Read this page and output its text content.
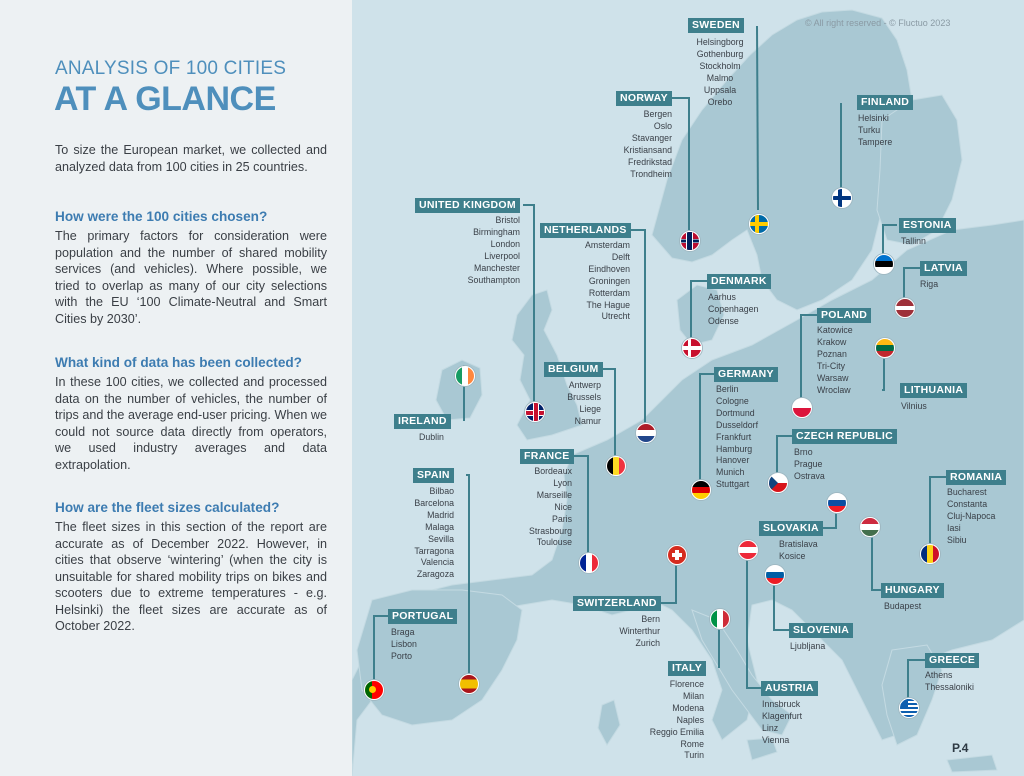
ANALYSIS OF 100 CITIES
AT A GLANCE
To size the European market, we collected and analyzed data from 100 cities in 25 countries.
How were the 100 cities chosen?
The primary factors for consideration were population and the number of shared mobility services (and vehicles). Where possible, we tried to overlap as many of our city selections with the EU ‘100 Climate-Neutral and Smart Cities by 2030’.
What kind of data has been collected?
In these 100 cities, we collected and processed data on the number of vehicles, the number of trips and the average end-user pricing. When we could not source data directly from operators, we used industry averages and data extrapolation.
How are the fleet sizes calculated?
The fleet sizes in this section of the report are accurate as of December 2022. However, in cities that observe ‘wintering’ (when the city is unsuitable for shared mobility trips on bikes and scooters due to extreme temperatures - e.g. Helsinki) the fleet sizes are accurate as of October 2022.
SWEDEN
Helsingborg
Gothenburg
Stockholm
Malmo
Uppsala
Orebo
NORWAY
Bergen
Oslo
Stavanger
Kristiansand
Fredrikstad
Trondheim
FINLAND
Helsinki
Turku
Tampere
UNITED KINGDOM
Bristol
Birmingham
London
Liverpool
Manchester
Southampton
NETHERLANDS
Amsterdam
Delft
Eindhoven
Groningen
Rotterdam
The Hague
Utrecht
ESTONIA
Tallinn
LATVIA
Riga
DENMARK
Aarhus
Copenhagen
Odense	POLAND
Katowice
Krakow
Poznan
Tri-City
Warsaw
Wroclaw	LITHUANIA
Vilnius
BELGIUM
Antwerp
Brussels
Liege
Namur
GERMANY
Berlin
Cologne
Dortmund
Dusseldorf
Frankfurt
Hamburg
Hanover
Munich
Stuttgart
IRELAND
Dublin	CZECH REPUBLIC
Brno
Prague
Ostrava
FRANCE
Bordeaux
Lyon
Marseille
Nice
Paris
Strasbourg
Toulouse
SPAIN
Bilbao
Barcelona
Madrid
Malaga
Sevilla
Tarragona
Valencia
Zaragoza
ROMANIA
Bucharest
Constanta
Cluj-Napoca
Iasi
Sibiu
SLOVAKIA
Bratislava
Kosice
HUNGARY
Budapest
SWITZERLAND
Bern
Winterthur
Zurich
SLOVENIA
Ljubljana
PORTUGAL
Braga
Lisbon
Porto
ITALY
Florence
Milan
Modena
Naples
Reggio Emilia
Rome
Turin
AUSTRIA
Innsbruck
Klagenfurt
Linz
Vienna
GREECE
Athens
Thessaloniki
© All right reserved - © Fluctuo 2023
P.4
